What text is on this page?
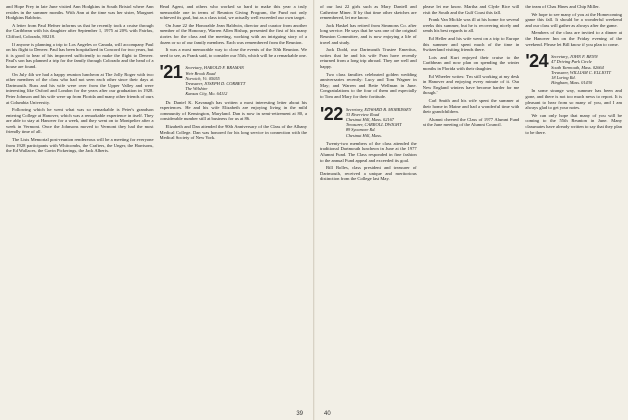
and Hope Frey in late June visited Ann Hodgkins in South Bristol where Ann resides in the summer months. With Ann at the time was her sister, Margaret Hodgkins Baldwin.

A letter from Paul Hefner informs us that he recently took a cruise through the Caribbean with his daughter after September 1, 1975 at 20% with Fairfax, Clifford, Colorado, 80218.

If anyone is planning a trip to Los Angeles or Canada, will accompany Paul on his flight to Denver. Paul has been hospitalized in Concord for two years, but it is good to hear of his improved sufficiently to make the flight to Denver. Paul's son has planned a trip for the family through Colorado and the head of a house are found.

On July 4th we had a happy reunion luncheon at The Jolly Roger with two other members of the class who had not seen each other since their days at Dartmouth. Russ and his wife were over from the Upper Valley and were interesting like Oxford and London for the years after our graduation in 1928. Peter Johnson and his wife were up from Florida and many other friends of ours at Columbia University.

Following which he went what was so remarkable is Peter's grandson entering College at Hanover, which was a remarkable experience in itself. They are able to stay at Hanover for a week, and they went on to Montpelier after a week in Vermont. Once the Johnsons moved to Vermont they had the most friendly time of all.

The Lists Memorial post-reunion rendezvous will be a meeting for everyone from 1928 participants with Whitcombs, the Crafters, the Unger, the Harrisons, the Ed Wallaces, the Gavin Pickerings, the Jack Alberts.

Head Agent, and others who worked so hard to make this year a truly memorable one in terms of Reunion Giving Program, the Fund not only achieved its goal, but as a class total, we actually well exceeded our own target.

On June 22 the Honorable Jean Baldwin, director and curator from another member of the Honorary, Warren Allen Bishop, presented the first of his many stories for the class and the meeting, working with an intriguing story of a dozen or so of our family members. Each was remembered from the Reunion.

It was a most memorable way to close the events of the 50th Reunion. We need to see, as Frank said, to consider our 55th, which will be a remarkable one.

'21 Secretary, HAROLD F. BRAMAN
Weir Brook Road
Norwich, Vt. 05055
Treasurer, JOSEPH D. CORBETT
The Wilshire
Kansas City, Mo. 64112

Dr. Daniel K. Kavanagh has written a most interesting letter about his experiences. He and his wife Elizabeth are enjoying living in the mild community of Kensington, Maryland. Dan is now in semi-retirement at 80, a considerable number still at business for us at 86.

Elizabeth and Dan attended the 90th Anniversary of the Class of the Albany Medical College. Dan was honored for his long service in connection with the Medical Society of New York.

39

of our last 22 girls such as Mary Daniell and Catherine Miner. If by that time other sketches are remembered, let me know.

Jack Haskel has retired from Simmons Co. after long service. He says that he was one of the original Reunion Committee, and is now enjoying a life of travel and study.

Jack Dodd, our Dartmouth Trustee Emeritus, writes that he and his wife Fran have recently returned from a long trip abroad. They are well and happy.

Two class families celebrated golden wedding anniversaries recently: Lucy and Tom Wagner in May; and Warren and Bette Wellman in June. Congratulations to the four of them and especially to Tom and Mary for their fortitude.

'22 Secretary, EDWARD B. MORRISSEY
33 Riverview Road
Chestnut Hill, Mass. 02167
Treasurer, CARROLL DWIGHT
89 Sycamore Rd.
Chestnut Hill, Mass.

Twenty-two members of the class attended the traditional Dartmouth luncheon in June at the 1977 Alumni Fund. The Class responded in fine fashion to the annual Fund appeal and exceeded its goal.

Bill Bolles, class president and treasurer of Dartmouth, received a unique and meritorious distinction from the College last May.

please let me know. Martha and Clyde Rice will visit the South and the Gulf Coast this fall.

Frank Van Mickle was ill at his home for several weeks this summer, but he is recovering nicely and sends his best regards to all.

Ed Heller and his wife went on a trip to Europe this summer and spent much of the time in Switzerland visiting friends there.

Lois and Kurt enjoyed their cruise to the Caribbean and now plan on spending the winter months in Florida with their daughter.

Ed Wheeler writes: 'I'm still working at my desk in Hanover and enjoying every minute of it. Our New England winters have become harder for me though.'

Carl Smith and his wife spent the summer at their home in Maine and had a wonderful time with their grandchildren.

Alumni cheered the Class of 1977 Alumni Fund at the June meeting of the Alumni Council.

the team of Chas Hines and Chip Miller.

We hope to see many of you at the Homecoming game this fall. It should be a wonderful weekend and our class will gather as always after the game.

Members of the class are invited to a dinner at the Hanover Inn on the Friday evening of the weekend. Please let Bill know if you plan to come.

'24 Secretary, JOHN F. BENN
47 Driving Park Circle
South Yarmouth, Mass. 02664
Treasurer, WILLIAM C. ELLIOTT
18 Loring Rd.
Hingham, Mass. 01430

In some strange way, summer has been and gone, and there is not too much news to report. It is pleasant to hear from so many of you, and I am always glad to get your notes.

We can only hope that many of you will be coming to the 55th Reunion in June. Many classmates have already written to say that they plan to be there.

40
